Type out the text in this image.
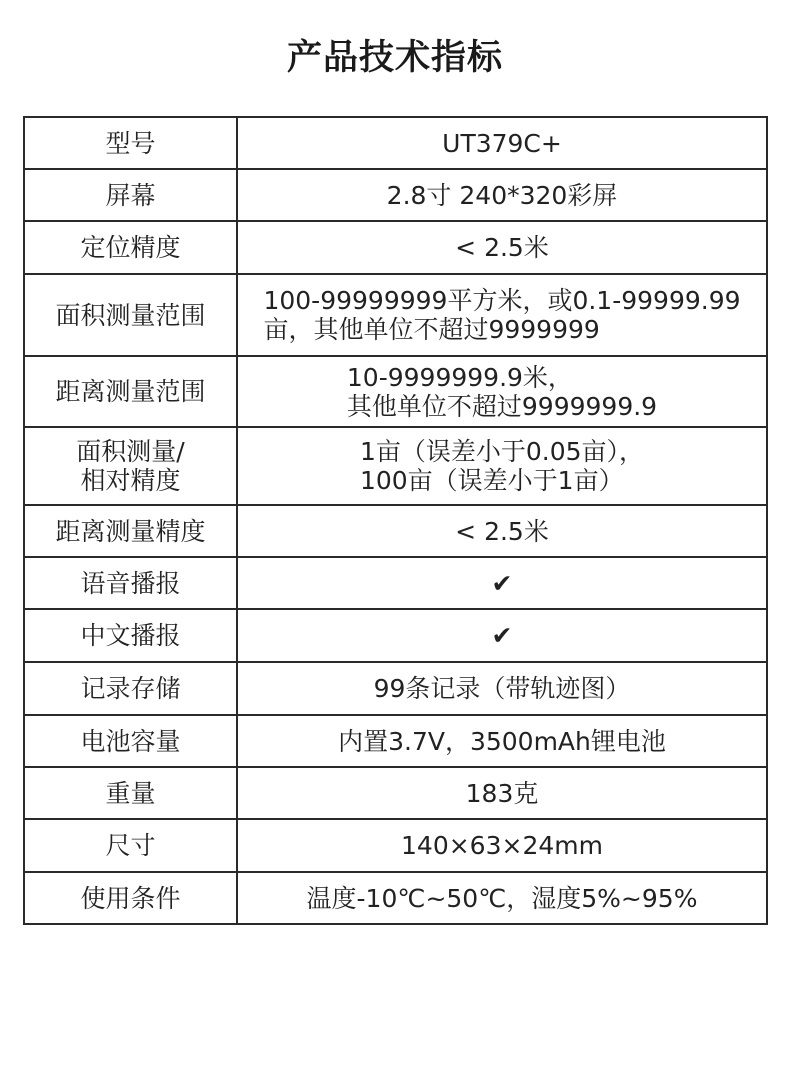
产品技术指标
型号	UT379C+
屏幕	2.8寸 240*320彩屏
定位精度	< 2.5米
面积测量范围	100-99999999平方米，或0.1-99999.99
亩，其他单位不超过9999999

距离测量范围	10-9999999.9米，
其他单位不超过9999999.9

面积测量/
相对精度	1亩（误差小于0.05亩），
100亩（误差小于1亩）

距离测量精度	< 2.5米
语音播报	✔
中文播报	✔
记录存储	99条记录（带轨迹图）
电池容量	内置3.7V，3500mAh锂电池
重量	183克
尺寸	140×63×24mm
使用条件	温度-10℃~50℃，湿度5%~95%
